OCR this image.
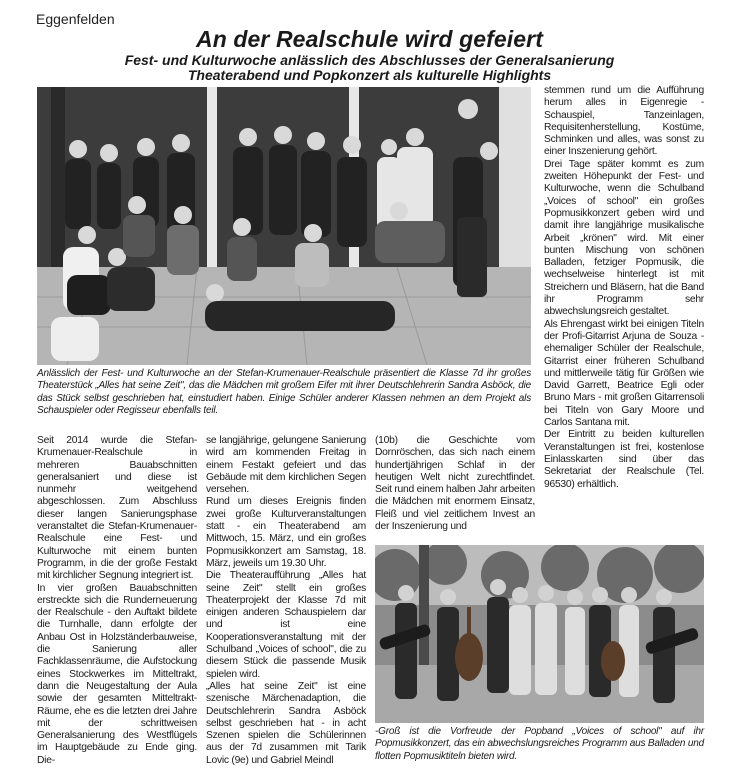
Eggenfelden
An der Realschule wird gefeiert
Fest- und Kulturwoche anlässlich des Abschlusses der Generalsanierung
Theaterabend und Popkonzert als kulturelle Highlights
Anlässlich der Fest- und Kulturwoche an der Stefan-Krumenauer-Realschule präsentiert die Klasse 7d ihr großes Theaterstück „Alles hat seine Zeit", das die Mädchen mit großem Eifer mit ihrer Deutschlehrerin Sandra Asböck, die das Stück selbst geschrieben hat, einstudiert haben. Einige Schüler anderer Klassen nehmen an dem Projekt als Schauspieler oder Regisseur ebenfalls teil.

Seit 2014 wurde die Stefan-Krumenauer-Realschule in mehreren Bauabschnitten generalsaniert und diese ist nunmehr weitgehend abgeschlossen. Zum Abschluss dieser langen Sanierungsphase veranstaltet die Stefan-Krumenauer-Realschule eine Fest- und Kulturwoche mit einem bunten Programm, in die der große Festakt mit kirchlicher Segnung integriert ist.

In vier großen Bauabschnitten erstreckte sich die Runderneuerung der Realschule - den Auftakt bildete die Turnhalle, dann erfolgte der Anbau Ost in Holzständerbauweise, die Sanierung aller Fachklassenräume, die Aufstockung eines Stockwerkes im Mitteltrakt, dann die Neugestaltung der Aula sowie der gesamten Mitteltrakt-Räume, ehe es die letzten drei Jahre mit der schrittweisen Generalsanierung des Westflügels im Hauptgebäude zu Ende ging. Die-

se langjährige, gelungene Sanierung wird am kommenden Freitag in einem Festakt gefeiert und das Gebäude mit dem kirchlichen Segen versehen.

Rund um dieses Ereignis finden zwei große Kulturveranstaltungen statt - ein Theaterabend am Mittwoch, 15. März, und ein großes Popmusikkonzert am Samstag, 18. März, jeweils um 19.30 Uhr.

Die Theateraufführung „Alles hat seine Zeit" stellt ein großes Theaterprojekt der Klasse 7d mit einigen anderen Schauspielern dar und ist eine Kooperationsveranstaltung mit der Schulband „Voices of school", die zu diesem Stück die passende Musik spielen wird.

„Alles hat seine Zeit" ist eine szenische Märchenadaption, die Deutschlehrerin Sandra Asböck selbst geschrieben hat - in acht Szenen spielen die Schülerinnen aus der 7d zusammen mit Tarik Lovic (9e) und Gabriel Meindl

(10b) die Geschichte vom Dornröschen, das sich nach einem hundertjährigen Schlaf in der heutigen Welt nicht zurechtfindet. Seit rund einem halben Jahr arbeiten die Mädchen mit enormem Einsatz, Fleiß und viel zeitlichem Invest an der Inszenierung und

stemmen rund um die Aufführung herum alles in Eigenregie - Schauspiel, Tanzeinlagen, Requisitenherstellung, Kostüme, Schminken und alles, was sonst zu einer Inszenierung gehört.

Drei Tage später kommt es zum zweiten Höhepunkt der Fest- und Kulturwoche, wenn die Schulband „Voices of school" ein großes Popmusikkonzert geben wird und damit ihre langjährige musikalische Arbeit „krönen" wird. Mit einer bunten Mischung von schönen Balladen, fetziger Popmusik, die wechselweise hinterlegt ist mit Streichern und Bläsern, hat die Band ihr Programm sehr abwechslungsreich gestaltet.

Als Ehrengast wirkt bei einigen Titeln der Profi-Gitarrist Arjuna de Souza - ehemaliger Schüler der Realschule, Gitarrist einer früheren Schulband und mittlerweile tätig für Größen wie David Garrett, Beatrice Egli oder Bruno Mars - mit großen Gitarrensoli bei Titeln von Gary Moore und Carlos Santana mit.

Der Eintritt zu beiden kulturellen Veranstaltungen ist frei, kostenlose Einlasskarten sind über das Sekretariat der Realschule (Tel. 96530) erhältlich.

-Groß ist die Vorfreude der Popband „Voices of school" auf ihr Popmusikkonzert, das ein abwechslungsreiches Programm aus Balladen und flotten Popmusiktiteln bieten wird.
